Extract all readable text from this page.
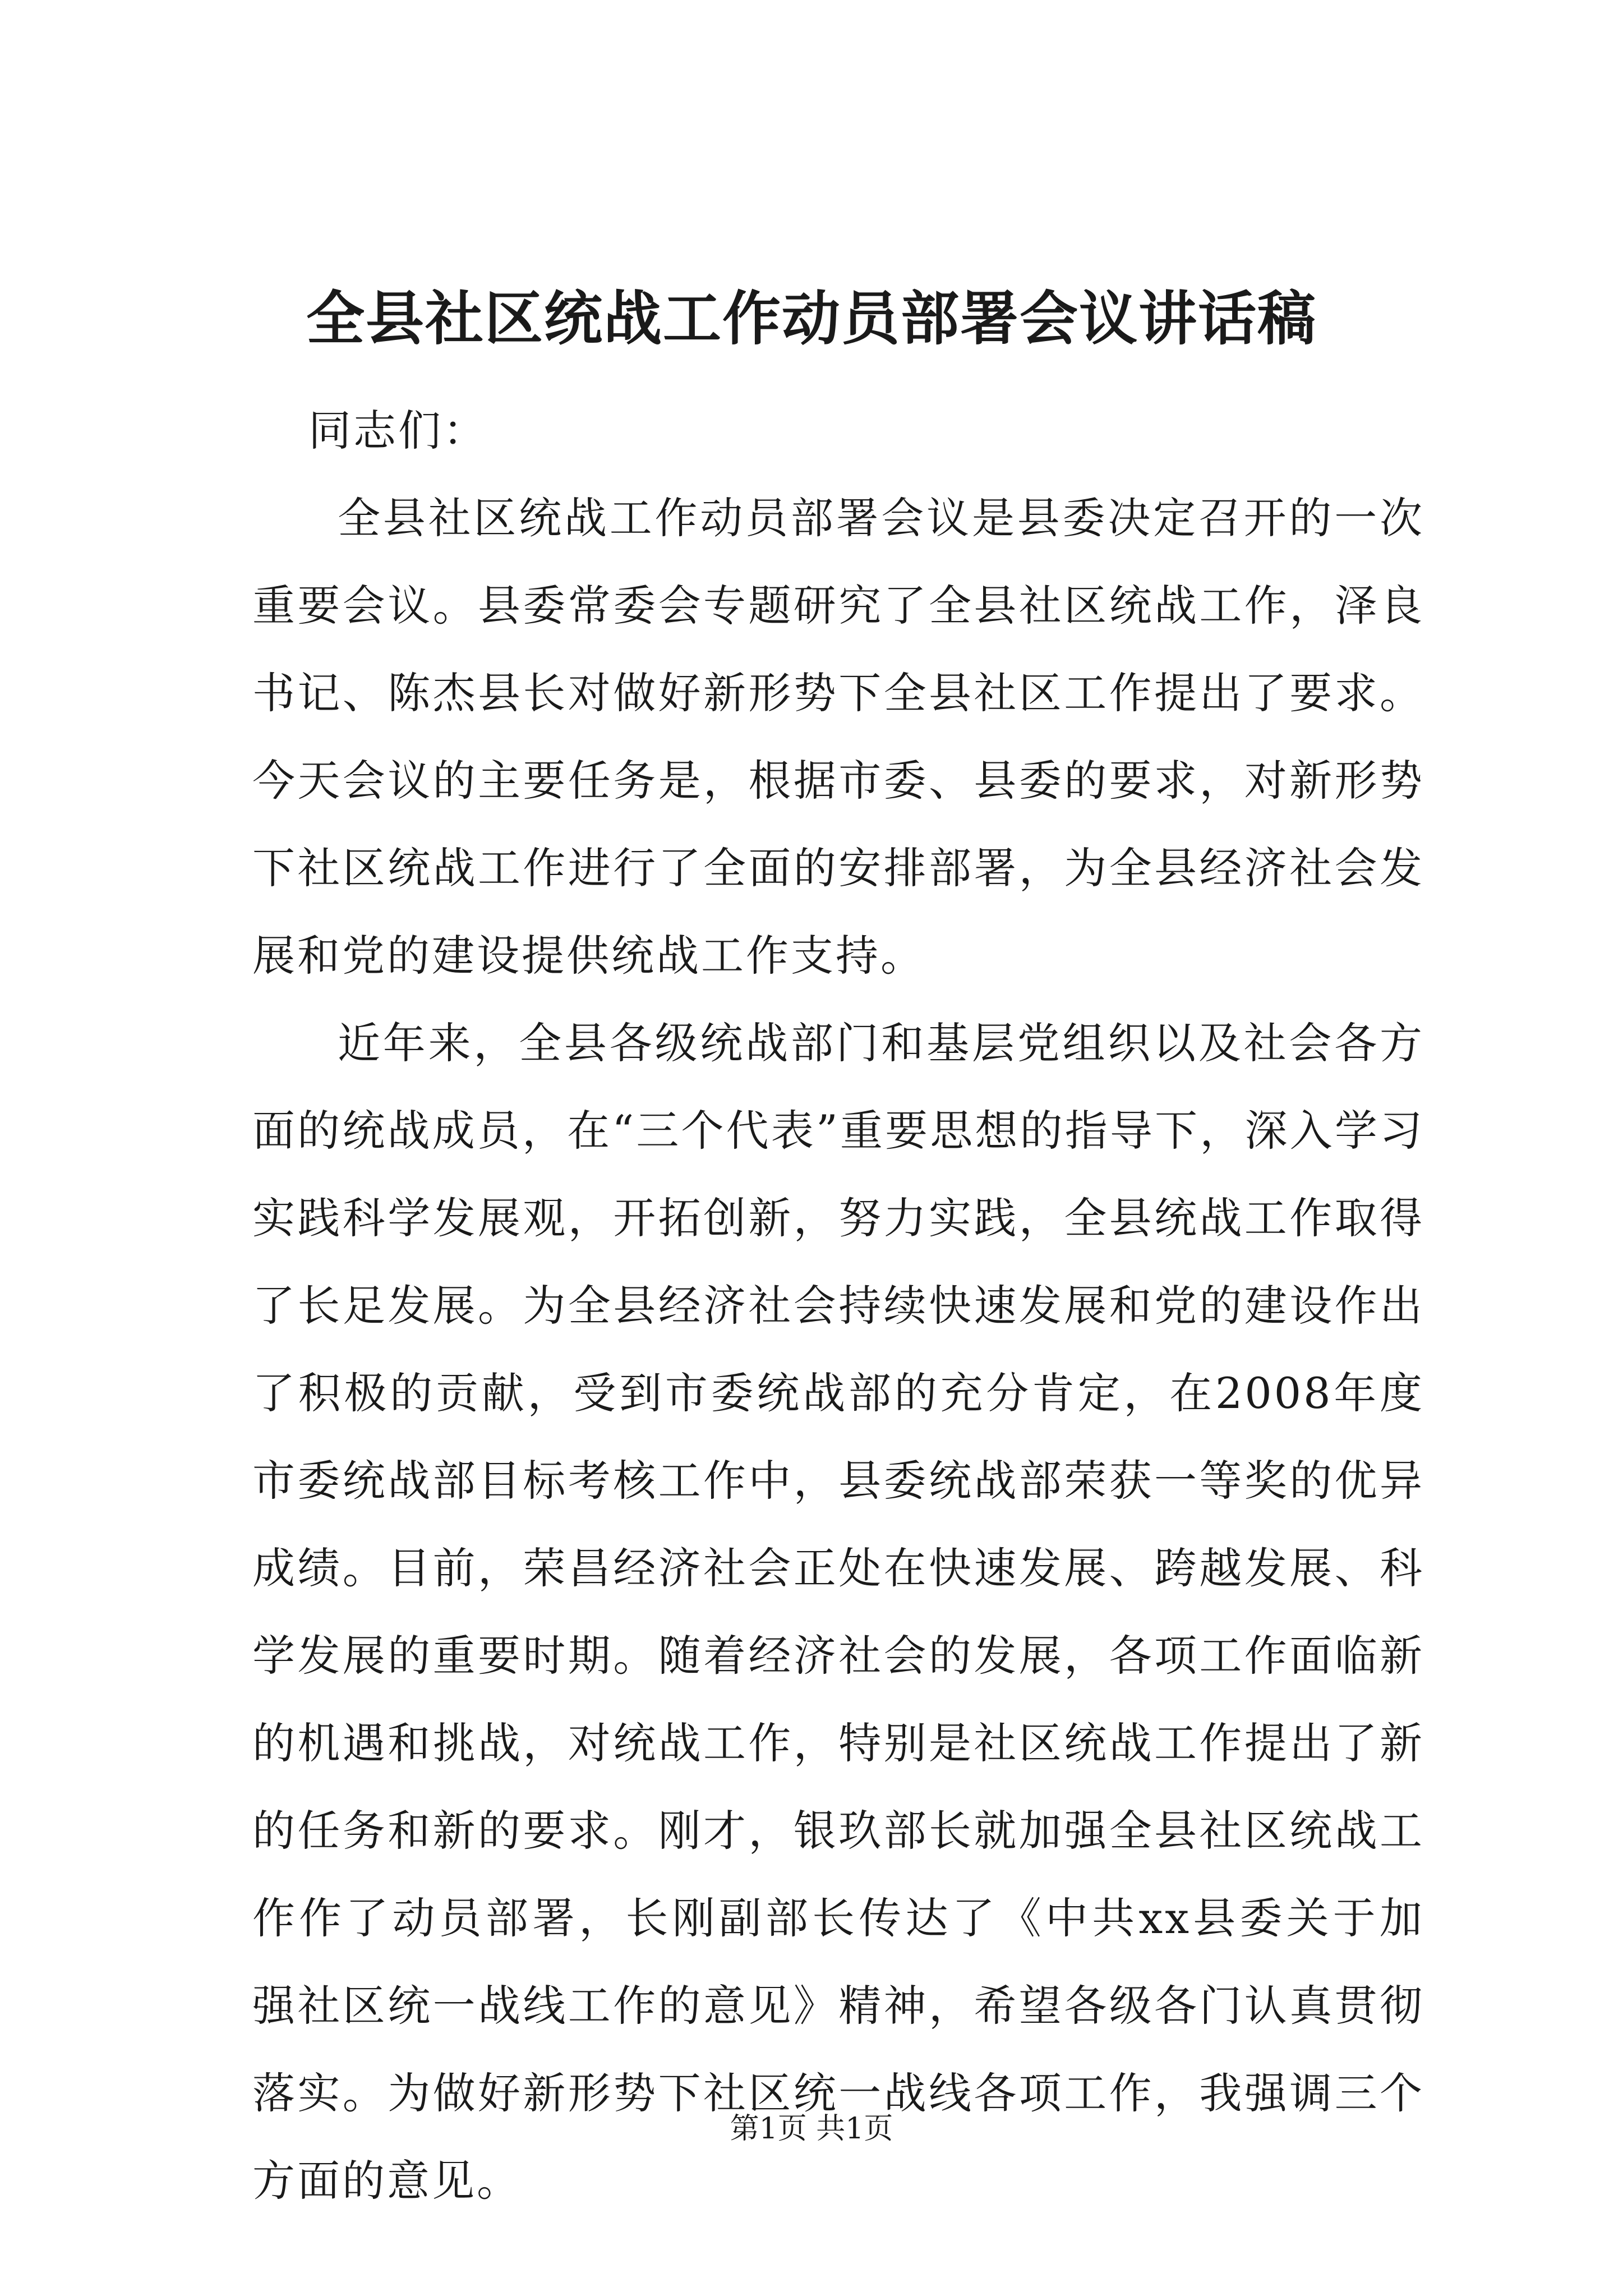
全县社区统战工作动员部署会议讲话稿
同志们：

全县社区统战工作动员部署会议是县委决定召开的一次重要会议。县委常委会专题研究了全县社区统战工作，泽良书记、陈杰县长对做好新形势下全县社区工作提出了要求。今天会议的主要任务是，根据市委、县委的要求，对新形势下社区统战工作进行了全面的安排部署，为全县经济社会发展和党的建设提供统战工作支持。

近年来，全县各级统战部门和基层党组织以及社会各方面的统战成员，在“三个代表”重要思想的指导下，深入学习实践科学发展观，开拓创新，努力实践，全县统战工作取得了长足发展。为全县经济社会持续快速发展和党的建设作出了积极的贡献，受到市委统战部的充分肯定，在2008年度市委统战部目标考核工作中，县委统战部荣获一等奖的优异成绩。目前，荣昌经济社会正处在快速发展、跨越发展、科学发展的重要时期。随着经济社会的发展，各项工作面临新的机遇和挑战，对统战工作，特别是社区统战工作提出了新的任务和新的要求。刚才，银玖部长就加强全县社区统战工作作了动员部署，长刚副部长传达了《中共xx县委关于加强社区统一战线工作的意见》精神，希望各级各门认真贯彻落实。为做好新形势下社区统一战线各项工作，我强调三个方面的意见。

第1页 共1页
